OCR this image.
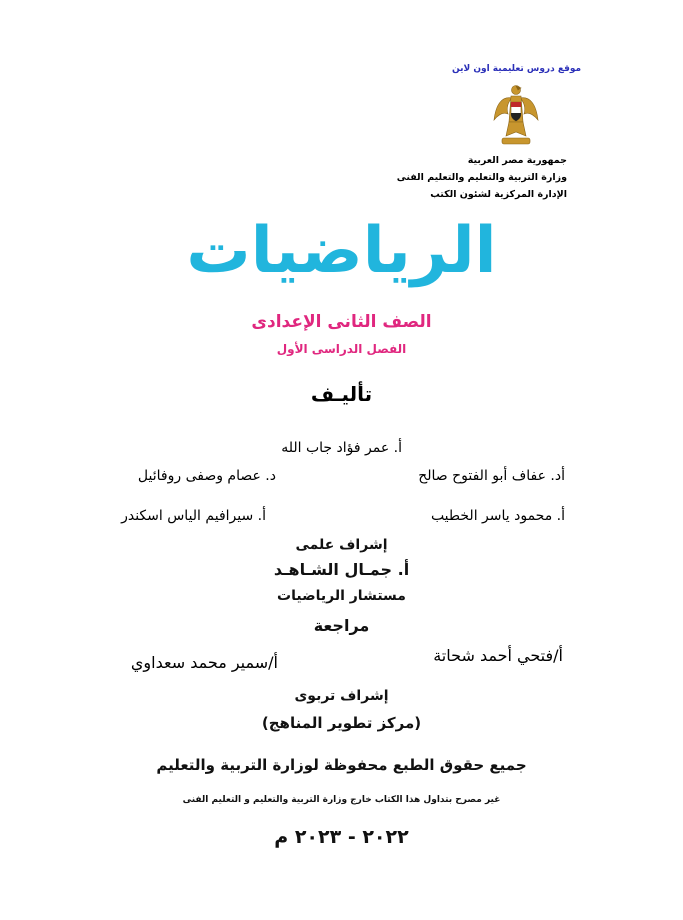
موقع دروس تعليمية اون لاين
جمهورية مصر العربية
وزارة التربية والتعليم والتعليم الفنى
الإدارة المركزية لشئون الكتب
الرياضيات
الصف الثانى الإعدادى
الفصل الدراسى الأول
تأليـف
أ. عمر فؤاد جاب الله
أد. عفاف أبو الفتوح صالح
د. عصام وصفى روفائيل
أ. محمود ياسر الخطيب
أ. سيرافيم الياس اسكندر
إشراف علمى
أ. جمـال الشـاهـد
مستشار الرياضيات
مراجعة
أ/فتحي أحمد شحاتة
أ/سمير محمد سعداوي
إشراف تربوى
(مركز تطوير المناهج)
جميع حقوق الطبع محفوظة لوزارة التربية والتعليم
غير مصرح بتداول هذا الكتاب خارج وزارة التربية والتعليم و التعليم الفنى
٢٠٢٢ - ٢٠٢٣ م
